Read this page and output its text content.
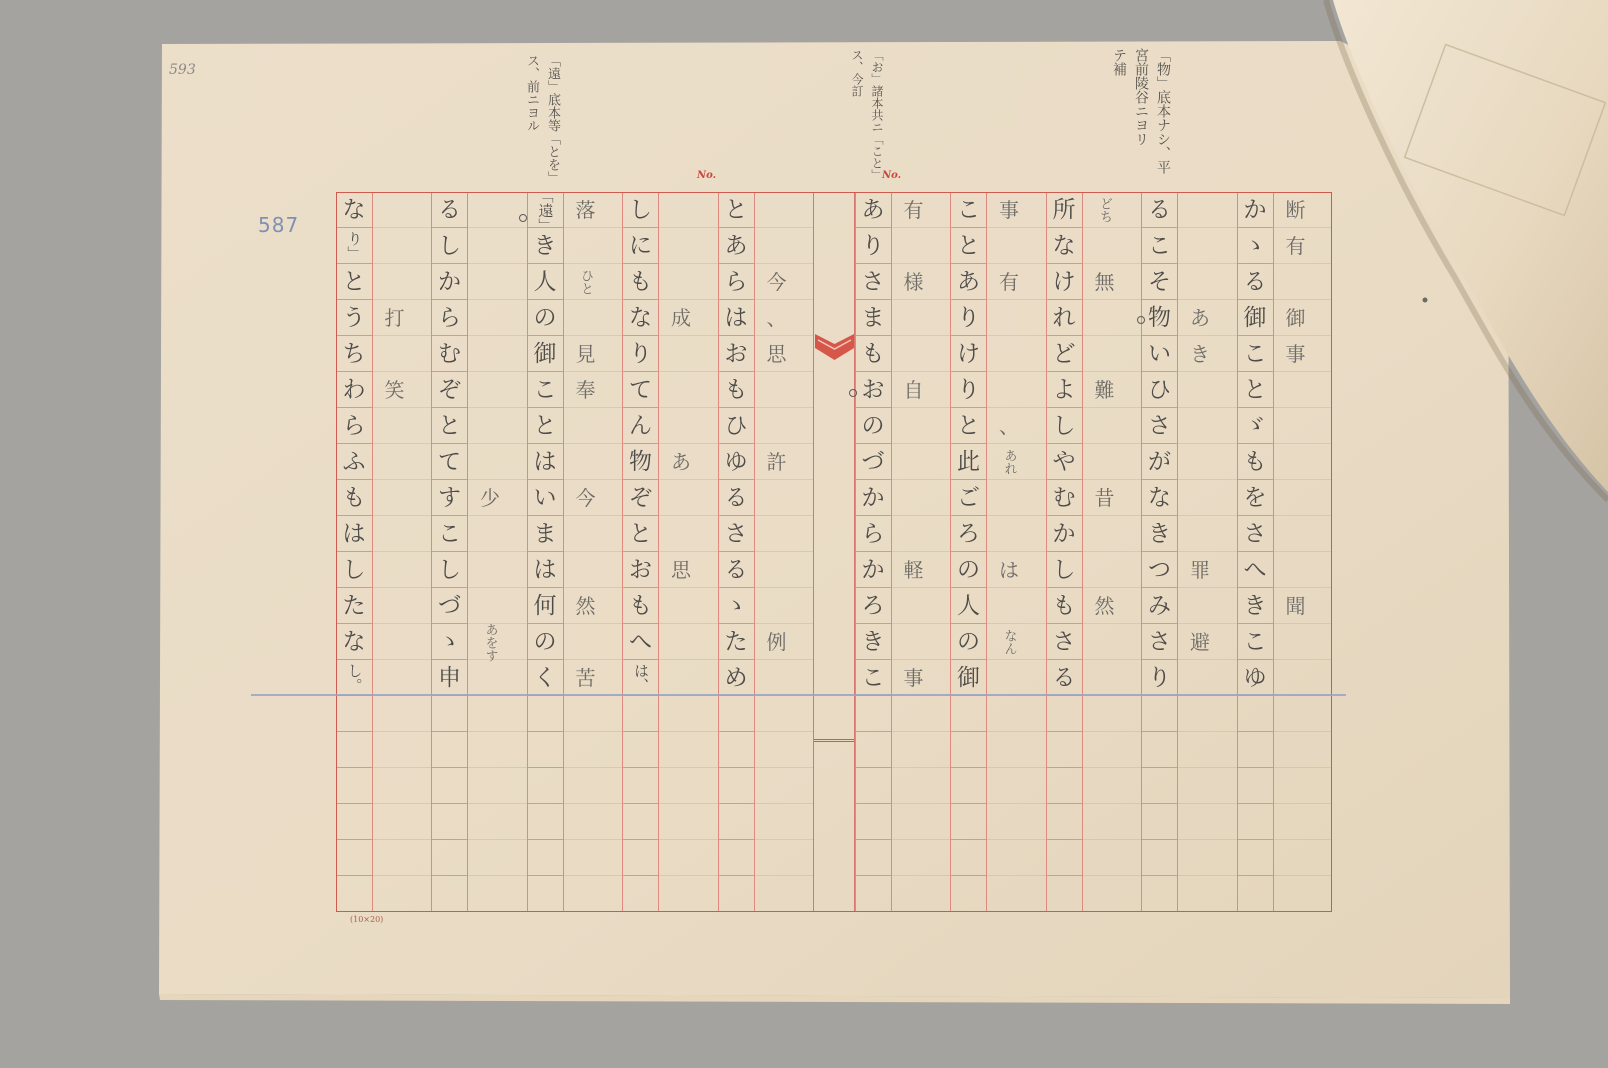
か
ゝ
る
御
こ
と
ゞ
も
を
さ
へ
き
こ
ゆ
断
有
御
事
聞
る
こ
そ
物
い
ひ
さ
が
な
き
つ
み
さ
り
あ
き
罪
避
所
な
け
れ
ど
よ
し
や
む
か
し
も
さ
る
どち
無
難
昔
然
こ
と
あ
り
け
り
と
此
ご
ろ
の
人
の
御
事
有
、
あれ
は
なん
あ
り
さ
ま
も
お
の
づ
か
ら
か
ろ
き
こ
有
様
自
軽
事
と
あ
ら
は
お
も
ひ
ゆ
る
さ
る
ゝ
た
め
今
、
思
許
例
し
に
も
な
り
て
ん
物
ぞ
と
お
も
へ
は、
成
あ
思
「遠」
き
人
の
御
こ
と
は
い
ま
は
何
の
く
落
ひと
見
奉
今
然
苦
る
し
か
ら
む
ぞ
と
て
す
こ
し
づ
ゝ
申
少
あをす
な
り」
と
う
ち
わ
ら
ふ
も
は
し
た
な
し。
打
笑
593
587
No.	No.
(10×20)
「物」底本ナシ、平
宮前陵谷ニヨリ
テ補
「お」諸本共ニ「こと」
ス、今訂
「遠」底本等「とを」
ス、前ニヨル
